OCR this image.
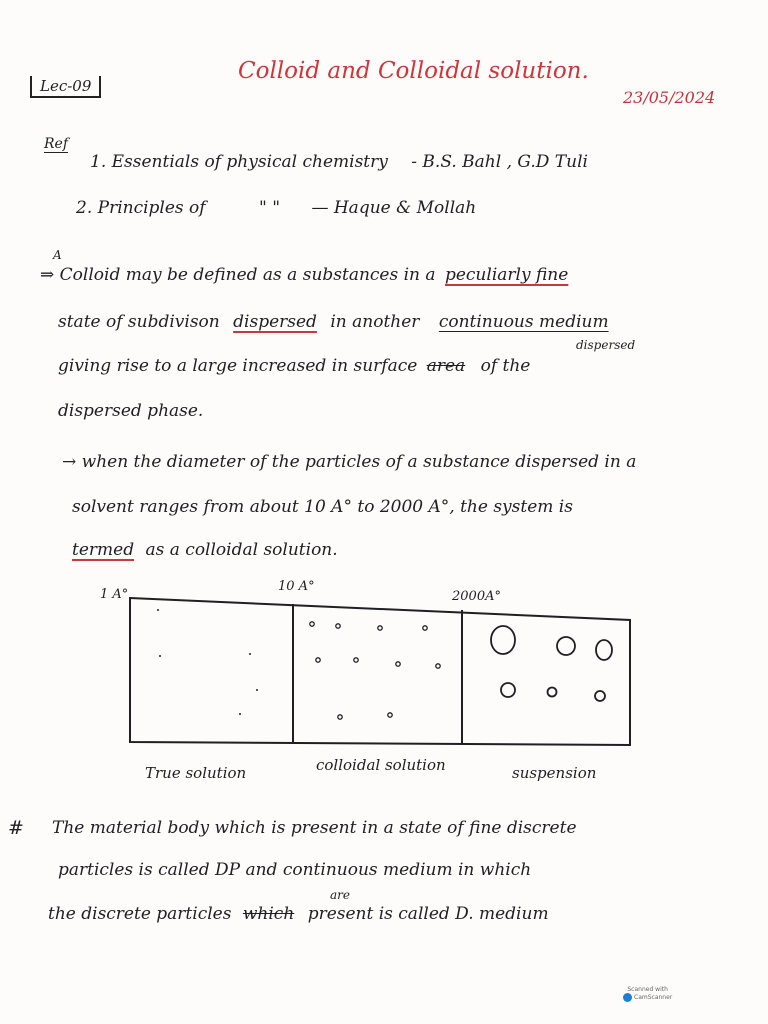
Lec-09
Colloid and Colloidal solution.
23/05/2024
Ref
1. Essentials of physical chemistry - B.S. Bahl , G.D Tuli
2. Principles of	" " — Haque & Mollah
A
⇒ Colloid may be defined as a substances in a peculiarly fine
state of subdivison dispersed in another continuous medium
dispersed
giving rise to a large increased in surface area of the
dispersed phase.
→ when the diameter of the particles of a substance dispersed in a
solvent ranges from about 10 A° to 2000 A°, the system is
termed as a colloidal solution.
1 A°
10 A°
2000A°
True solution	colloidal solution	suspension
# The material body which is present in a state of fine discrete
particles is called DP and continuous medium in which
are
the discrete particles which present is called D. medium
Scanned with
CamScanner
